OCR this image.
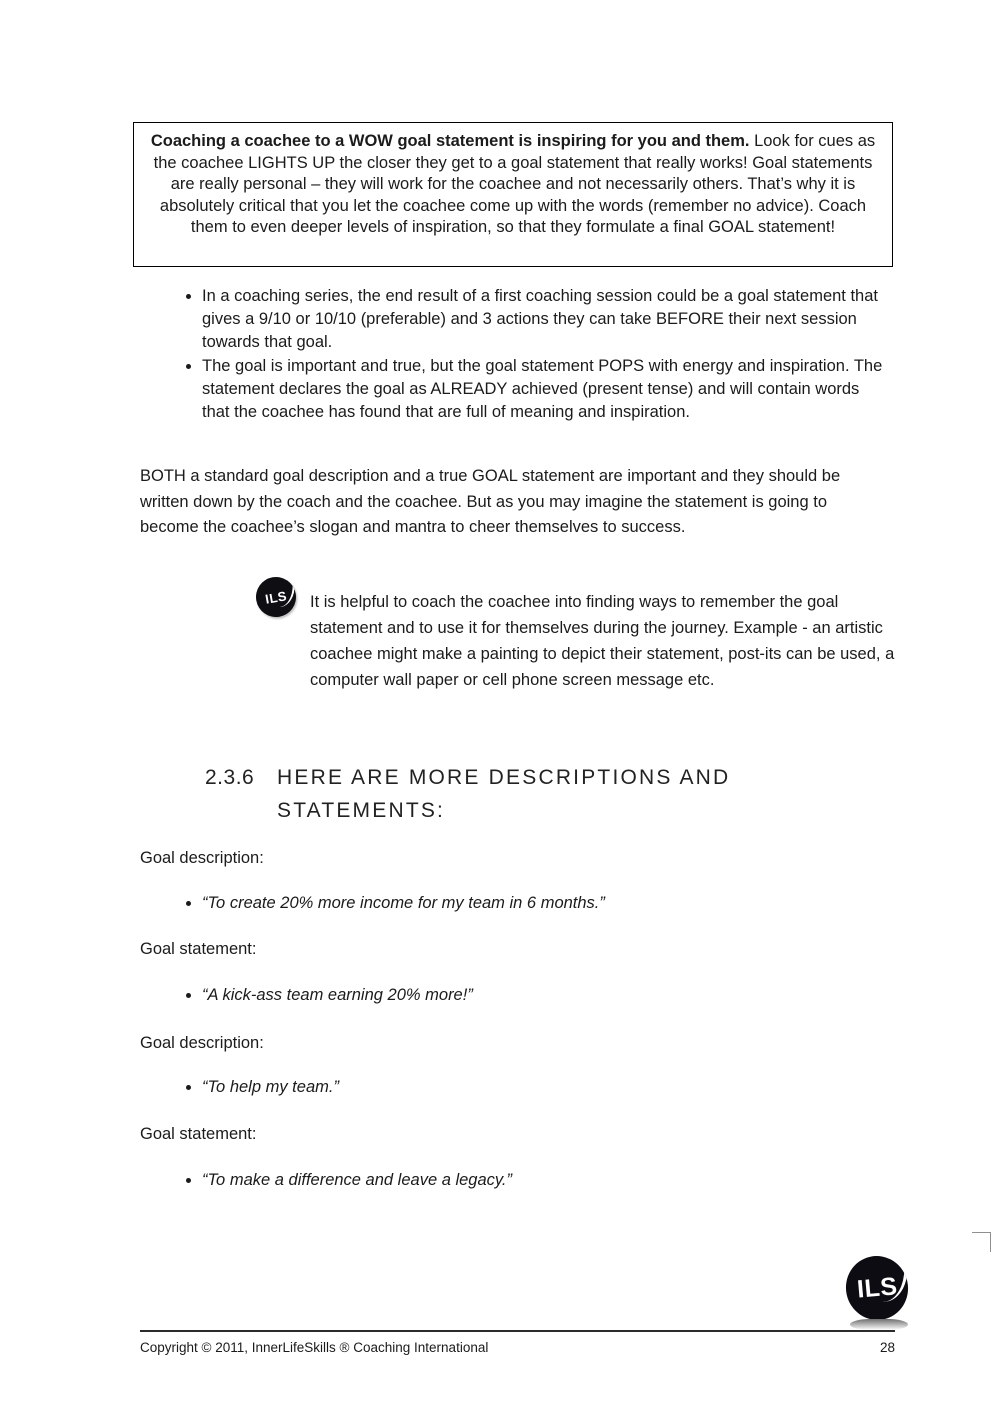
Coaching a coachee to a WOW goal statement is inspiring for you and them. Look for cues as the coachee LIGHTS UP the closer they get to a goal statement that really works! Goal statements are really personal – they will work for the coachee and not necessarily others. That’s why it is absolutely critical that you let the coachee come up with the words (remember no advice). Coach them to even deeper levels of inspiration, so that they formulate a final GOAL statement!
• In a coaching series, the end result of a first coaching session could be a goal statement that gives a 9/10 or 10/10 (preferable) and 3 actions they can take BEFORE their next session towards that goal.
• The goal is important and true, but the goal statement POPS with energy and inspiration. The statement declares the goal as ALREADY achieved (present tense) and will contain words that the coachee has found that are full of meaning and inspiration.

BOTH a standard goal description and a true GOAL statement are important and they should be written down by the coach and the coachee. But as you may imagine the statement is going to become the coachee’s slogan and mantra to cheer themselves to success.

ILS It is helpful to coach the coachee into finding ways to remember the goal statement and to use it for themselves during the journey. Example - an artistic coachee might make a painting to depict their statement, post-its can be used, a computer wall paper or cell phone screen message etc.

2.3.6	HERE ARE MORE DESCRIPTIONS AND STATEMENTS:

Goal description:

• “To create 20% more income for my team in 6 months.”

Goal statement:

• “A kick-ass team earning 20% more!”

Goal description:

• “To help my team.”

Goal statement:

• “To make a difference and leave a legacy.”
ILS

Copyright © 2011, InnerLifeSkills ® Coaching International	28
